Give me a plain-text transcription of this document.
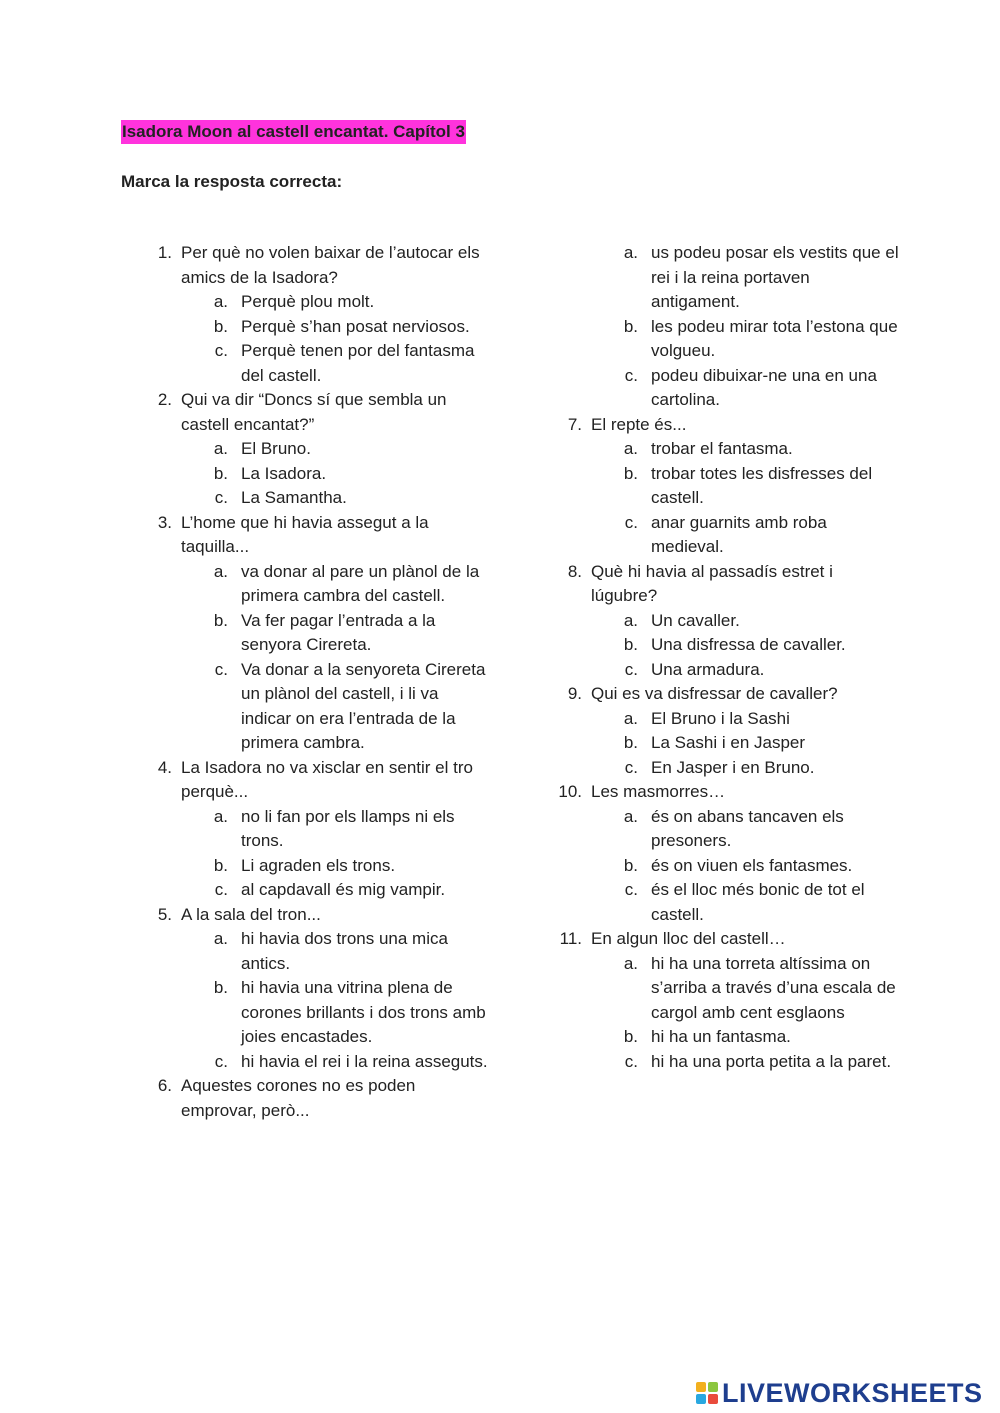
Isadora Moon al castell encantat. Capítol 3
Marca la resposta correcta:
1. Per què no volen baixar de l’autocar els amics de la Isadora?
a. Perquè plou molt.
b. Perquè s’han posat nerviosos.
c. Perquè tenen por del fantasma del castell.
2. Qui va dir “Doncs sí que sembla un castell encantat?”
a. El Bruno.
b. La Isadora.
c. La Samantha.
3. L’home que hi havia assegut a la taquilla...
a. va donar al pare un plànol de la primera cambra del castell.
b. Va fer pagar l’entrada a la senyora Cirereta.
c. Va donar a la senyoreta Cirereta un plànol del castell, i li va indicar on era l’entrada de la primera cambra.
4. La Isadora no va xisclar en sentir el tro perquè...
a. no li fan por els llamps ni els trons.
b. Li agraden els trons.
c. al capdavall és mig vampir.
5. A la sala del tron...
a. hi havia dos trons una mica antics.
b. hi havia una vitrina plena de corones brillants i dos trons amb joies encastades.
c. hi havia el rei i la reina asseguts.
6. Aquestes corones no es poden emprovar, però...
a. us podeu posar els vestits que el rei i la reina portaven antigament.
b. les podeu mirar tota l’estona que volgueu.
c. podeu dibuixar-ne una en una cartolina.
7. El repte és...
a. trobar el fantasma.
b. trobar totes les disfresses del castell.
c. anar guarnits amb roba medieval.
8. Què hi havia al passadís estret i lúgubre?
a. Un cavaller.
b. Una disfressa de cavaller.
c. Una armadura.
9. Qui es va disfressar de cavaller?
a. El Bruno i la Sashi
b. La Sashi i en Jasper
c. En Jasper i en Bruno.
10. Les masmorres…
a. és on abans tancaven els presoners.
b. és on viuen els fantasmes.
c. és el lloc més bonic de tot el castell.
11. En algun lloc del castell…
a. hi ha una torreta altíssima on s’arriba a través d’una escala de cargol amb cent esglaons
b. hi ha un fantasma.
c. hi ha una porta petita a la paret.
LIVEWORKSHEETS
